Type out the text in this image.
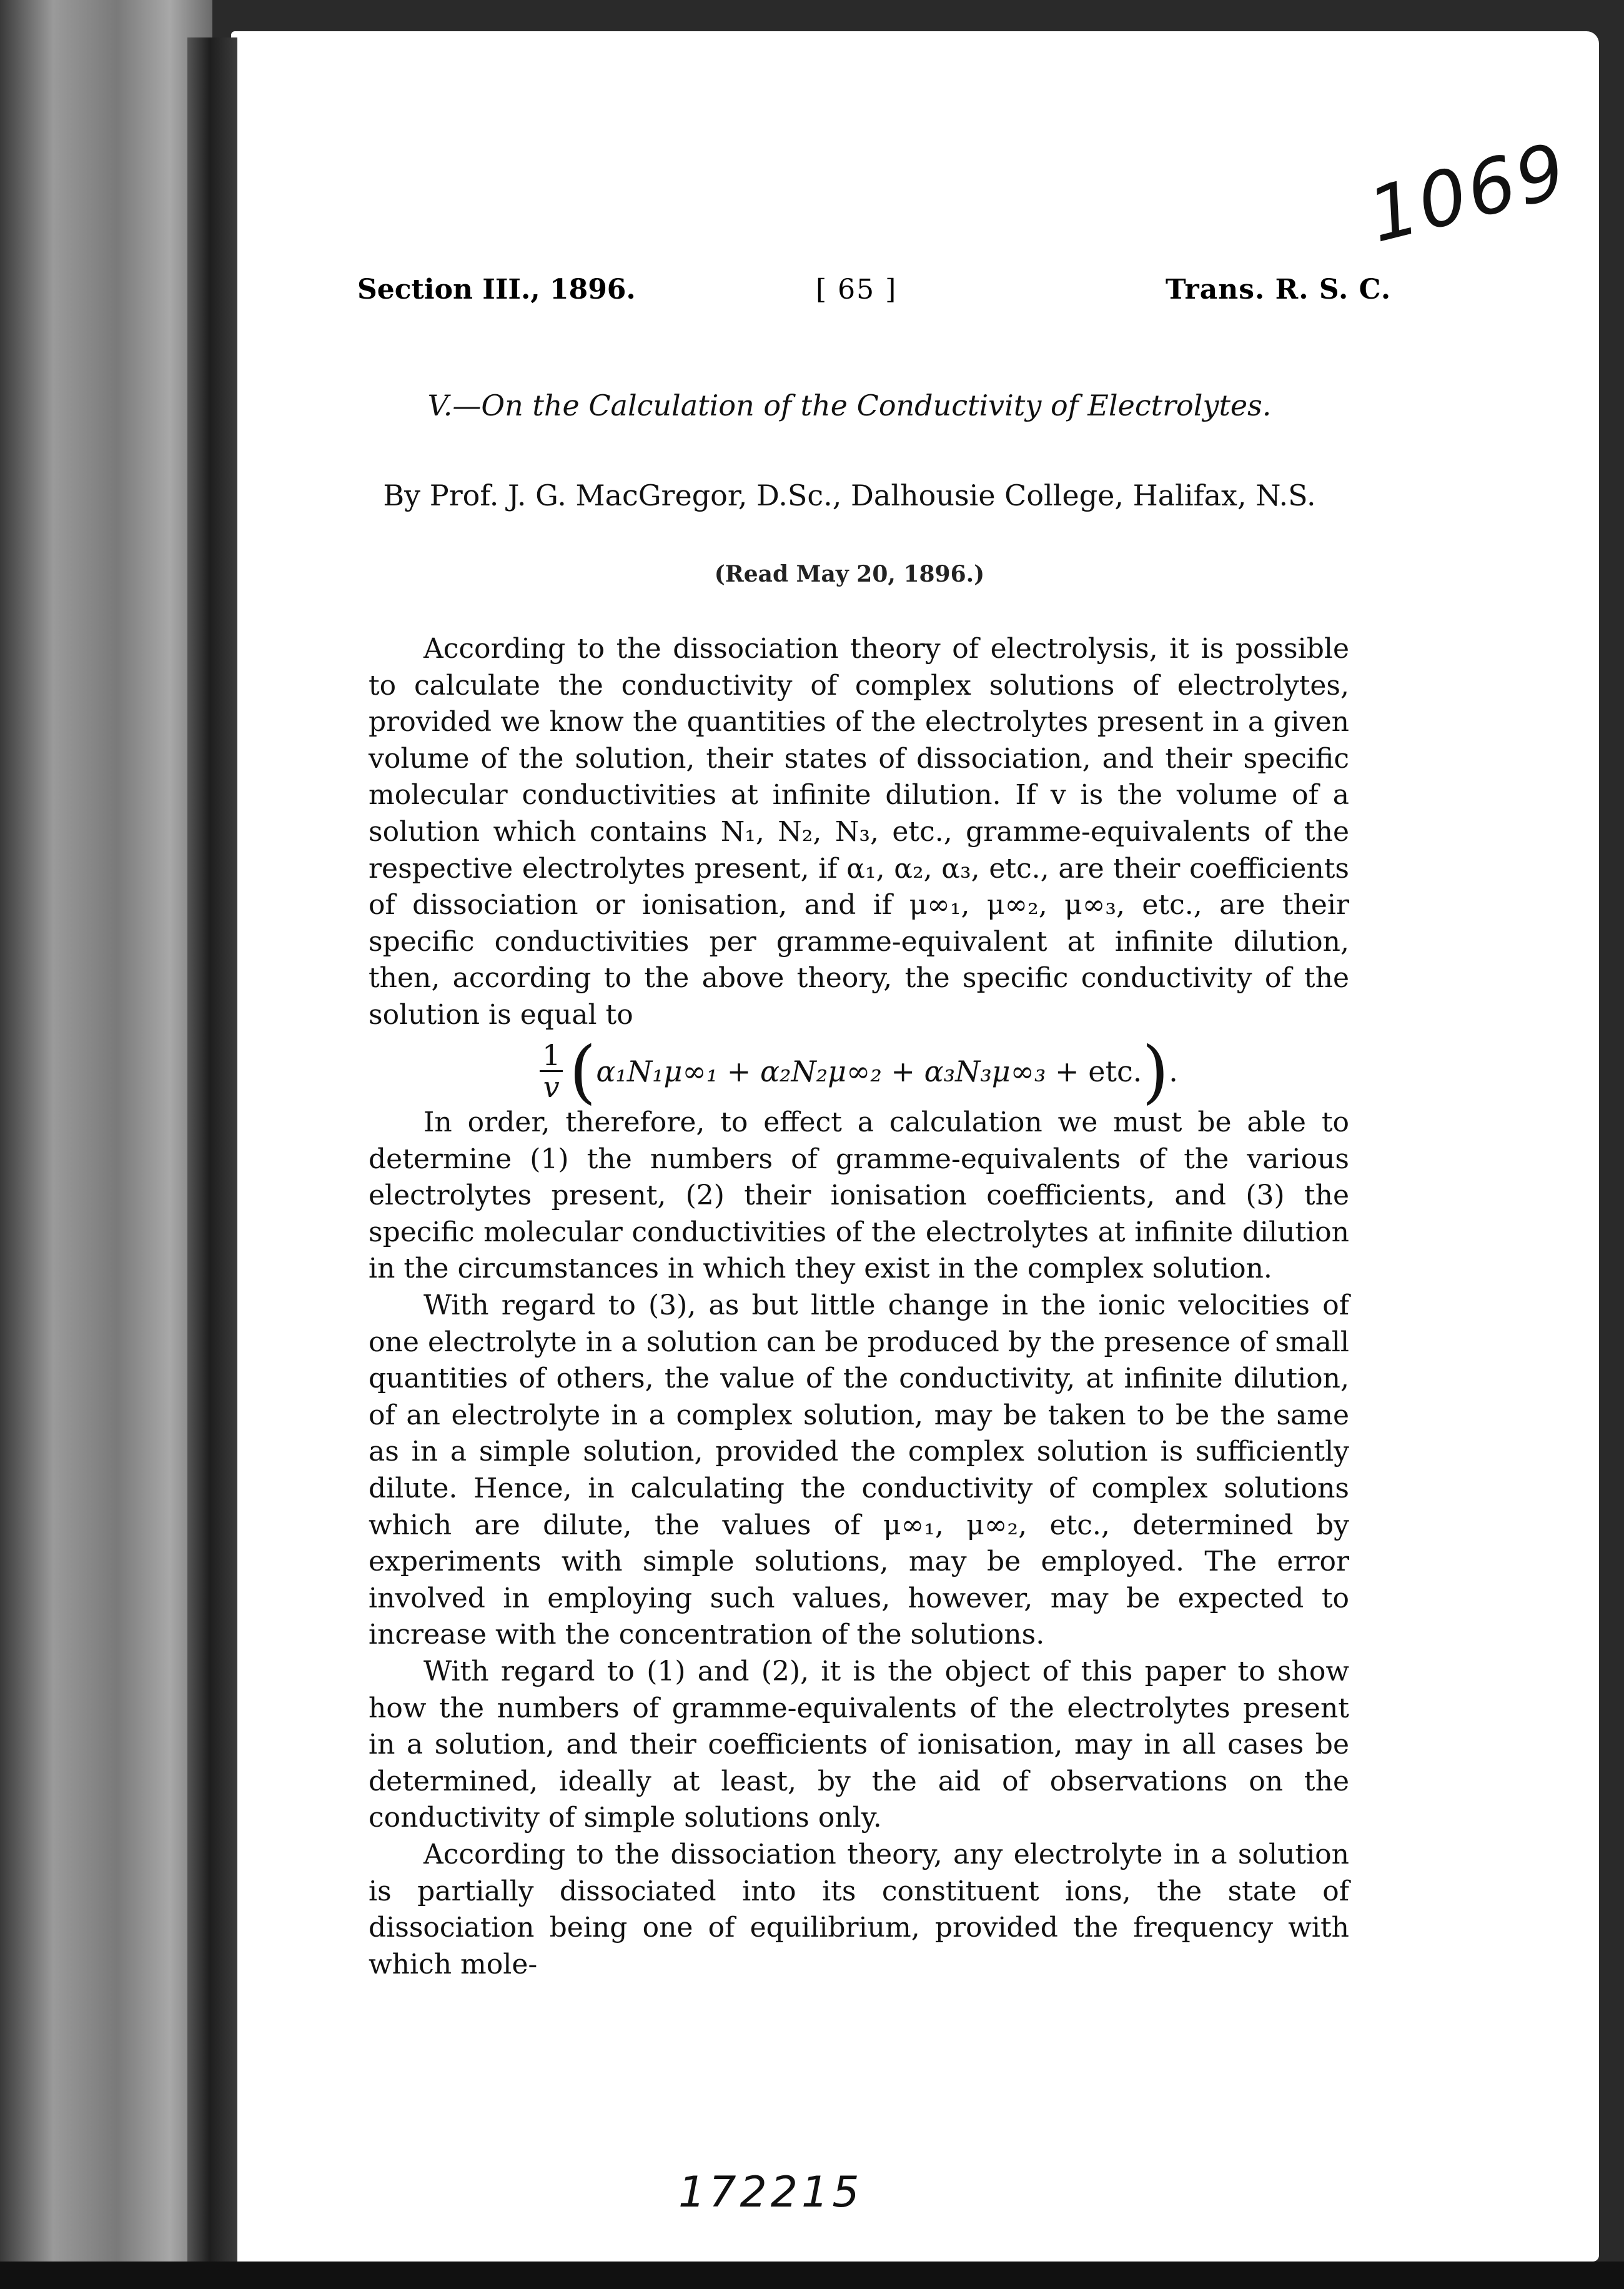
1069
Section III., 1896.	[ 65 ]	Trans. R. S. C.
V.—On the Calculation of the Conductivity of Electrolytes.
By Prof. J. G. MacGregor, D.Sc., Dalhousie College, Halifax, N.S.
(Read May 20, 1896.)

According to the dissociation theory of electrolysis, it is possible to calculate the conductivity of complex solutions of electrolytes, provided we know the quantities of the electrolytes present in a given volume of the solution, their states of dissociation, and their specific molecular conductivities at infinite dilution. If v is the volume of a solution which contains N₁, N₂, N₃, etc., gramme-equivalents of the respective electrolytes present, if α₁, α₂, α₃, etc., are their coefficients of dissociation or ionisation, and if μ∞₁, μ∞₂, μ∞₃, etc., are their specific conductivities per gramme-equivalent at infinite dilution, then, according to the above theory, the specific conductivity of the solution is equal to

$\frac{1}{v} (\alpha_1N_1\mu\infty_1 + \alpha_2N_2\mu\infty_2 + \alpha_3N_3\mu\infty_3 + etc.)$.

In order, therefore, to effect a calculation we must be able to determine (1) the numbers of gramme-equivalents of the various electrolytes present, (2) their ionisation coefficients, and (3) the specific molecular conductivities of the electrolytes at infinite dilution in the circumstances in which they exist in the complex solution.

With regard to (3), as but little change in the ionic velocities of one electrolyte in a solution can be produced by the presence of small quantities of others, the value of the conductivity, at infinite dilution, of an electrolyte in a complex solution, may be taken to be the same as in a simple solution, provided the complex solution is sufficiently dilute. Hence, in calculating the conductivity of complex solutions which are dilute, the values of μ∞₁, μ∞₂, etc., determined by experiments with simple solutions, may be employed. The error involved in employing such values, however, may be expected to increase with the concentration of the solutions.

With regard to (1) and (2), it is the object of this paper to show how the numbers of gramme-equivalents of the electrolytes present in a solution, and their coefficients of ionisation, may in all cases be determined, ideally at least, by the aid of observations on the conductivity of simple solutions only.

According to the dissociation theory, any electrolyte in a solution is partially dissociated into its constituent ions, the state of dissociation being one of equilibrium, provided the frequency with which mole-

172215
